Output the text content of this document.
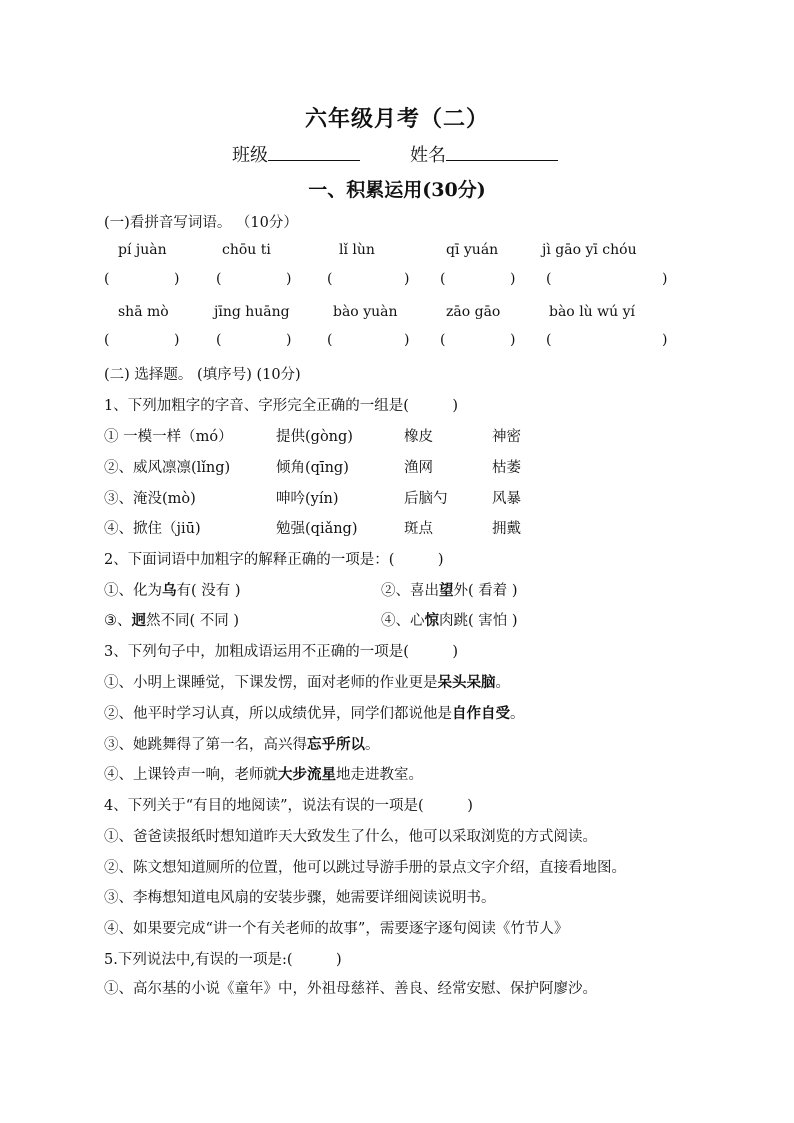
六年级月考（二）
班级	姓名
一、积累运用(30分)
(一)看拼音写词语。 （10分）
pí juàn	chōu ti	lǐ lùn	qī yuán	jì gāo yī chóu
(	)	(	)	(	) (	) (	)
shā mò	jīng huāng	bào yuàn	zāo gāo	bào lù wú yí
(	)	(	)	(	) (	) (	)
(二) 选择题。 (填序号) (10分)
1、下列加粗字的字音、字形完全正确的一组是(　　　)
① 一模一样（mó）	提供(gòng)	橡皮	神密
②、威风凛凛(lǐng)	倾角(qīng)	渔网	枯萎
③、淹没(mò)	呻吟(yín)	后脑勺	风暴
④、掀住（jiū)	勉强(qiǎng)	斑点	拥戴
2、下面词语中加粗字的解释正确的一项是：(　　　)
①、化为乌有( 没有 )	②、喜出望外( 看着 )
③、迥然不同( 不同 )	④、心惊肉跳( 害怕 )
3、下列句子中，加粗成语运用不正确的一项是(　　　)
①、小明上课睡觉，下课发愣，面对老师的作业更是呆头呆脑。
②、他平时学习认真，所以成绩优异，同学们都说他是自作自受。
③、她跳舞得了第一名，高兴得忘乎所以。
④、上课铃声一响，老师就大步流星地走进教室。
4、下列关于“有目的地阅读”，说法有误的一项是(　　　)
①、爸爸读报纸时想知道昨天大致发生了什么，他可以采取浏览的方式阅读。
②、陈文想知道厕所的位置，他可以跳过导游手册的景点文字介绍，直接看地图。
③、李梅想知道电风扇的安装步骤，她需要详细阅读说明书。
④、如果要完成“讲一个有关老师的故事”，需要逐字逐句阅读《竹节人》
5.下列说法中,有误的一项是:(　　　)
①、高尔基的小说《童年》中，外祖母慈祥、善良、经常安慰、保护阿廖沙。
